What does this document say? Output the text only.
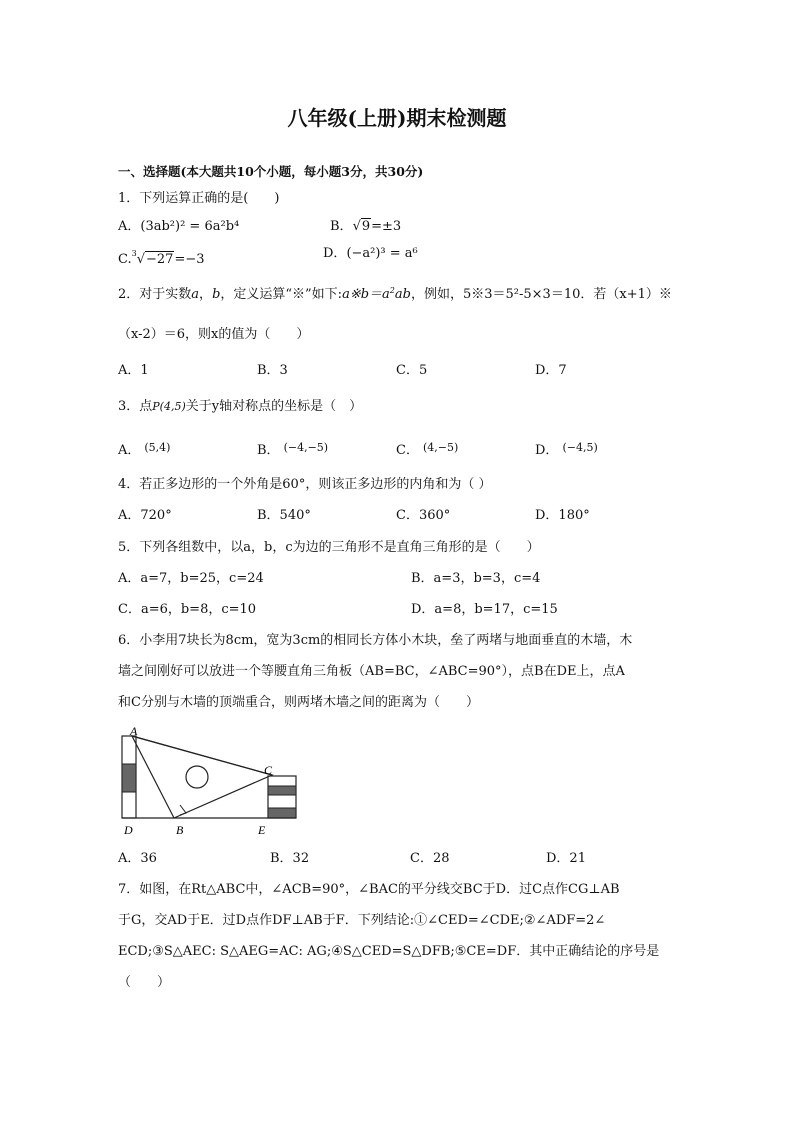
八年级(上册)期末检测题
一、选择题(本大题共10个小题，每小题3分，共30分)
1．下列运算正确的是(　　)
A．(3ab²)² = 6a²b⁴	B．√9=±3
C.$^3$√−27=−3	D．(−a²)³ = a⁶
2．对于实数a，b，定义运算“※”如下$:a※b=a^2ab$，例如，5※3＝5²-5×3＝10．若（x+1）※
（x-2）＝6，则x的值为（　　）
A．1	B．3	C．5	D．7
3．点P(4,5)关于y轴对称点的坐标是（　）
A． $^{(5,4)}$	B． $^{(-4,-5)}$	C． $^{(4,-5)}$	D． $^{(-4,5)}$
4．若正多边形的一个外角是60°，则该正多边形的内角和为（ ）
A．720°	B．540°	C．360°	D．180°
5．下列各组数中，以a，b，c为边的三角形不是直角三角形的是（　　）
A．a=7，b=25，c=24	B．a=3，b=3，c=4
C．a=6，b=8，c=10	D．a=8，b=17，c=15
6．小李用7块长为8cm，宽为3cm的相同长方体小木块，垒了两堵与地面垂直的木墙，木
墙之间刚好可以放进一个等腰直角三角板（AB=BC，∠ABC=90°），点B在DE上，点A
和C分别与木墙的顶端重合，则两堵木墙之间的距离为（　　）
A
B
C
D	E
A．36	B．32	C．28	D．21
7．如图，在Rt△ABC中，∠ACB=90°，∠BAC的平分线交BC于D．过C点作CG⊥AB
于G，交AD于E．过D点作DF⊥AB于F．下列结论:①∠CED=∠CDE;②∠ADF=2∠
ECD;③S△AEC: S△AEG=AC: AG;④S△CED=S△DFB;⑤CE=DF．其中正确结论的序号是
（　　）
